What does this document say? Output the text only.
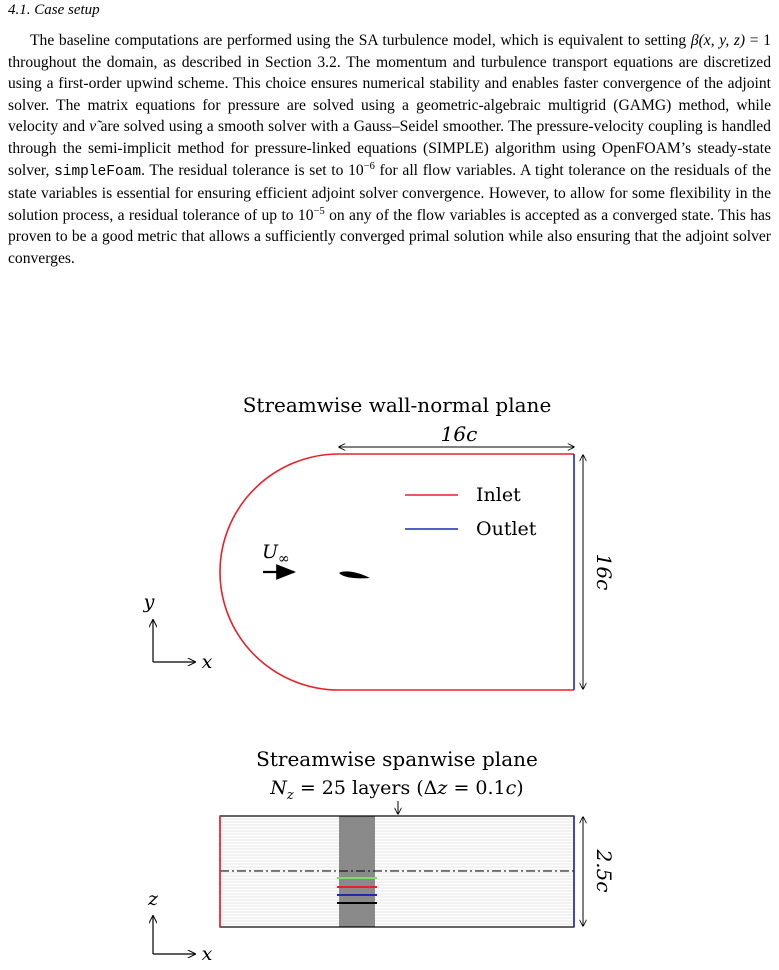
4.1. Case setup

The baseline computations are performed using the SA turbulence model, which is equivalent to setting β(x, y, z) = 1 throughout the domain, as described in Section 3.2. The momentum and turbulence transport equations are discretized using a first-order upwind scheme. This choice ensures numerical stability and enables faster convergence of the adjoint solver. The matrix equations for pressure are solved using a geometric-algebraic multigrid (GAMG) method, while velocity and ν̃ are solved using a smooth solver with a Gauss–Seidel smoother. The pressure-velocity coupling is handled through the semi-implicit method for pressure-linked equations (SIMPLE) algorithm using OpenFOAM’s steady-state solver, simpleFoam. The residual tolerance is set to $10^{-6}$ for all flow variables. A tight tolerance on the residuals of the state variables is essential for ensuring efficient adjoint solver convergence. However, to allow for some flexibility in the solution process, a residual tolerance of up to $10^{-5}$ on any of the flow variables is accepted as a converged state. This has proven to be a good metric that allows a sufficiently converged primal solution while also ensuring that the adjoint solver converges.

Streamwise wall-normal plane
16c
16c
Inlet
Outlet
$U_\infty$
y
x
Streamwise spanwise plane
$N_z = 25$ layers (Δz = 0.1c)
2.5c
z
x
